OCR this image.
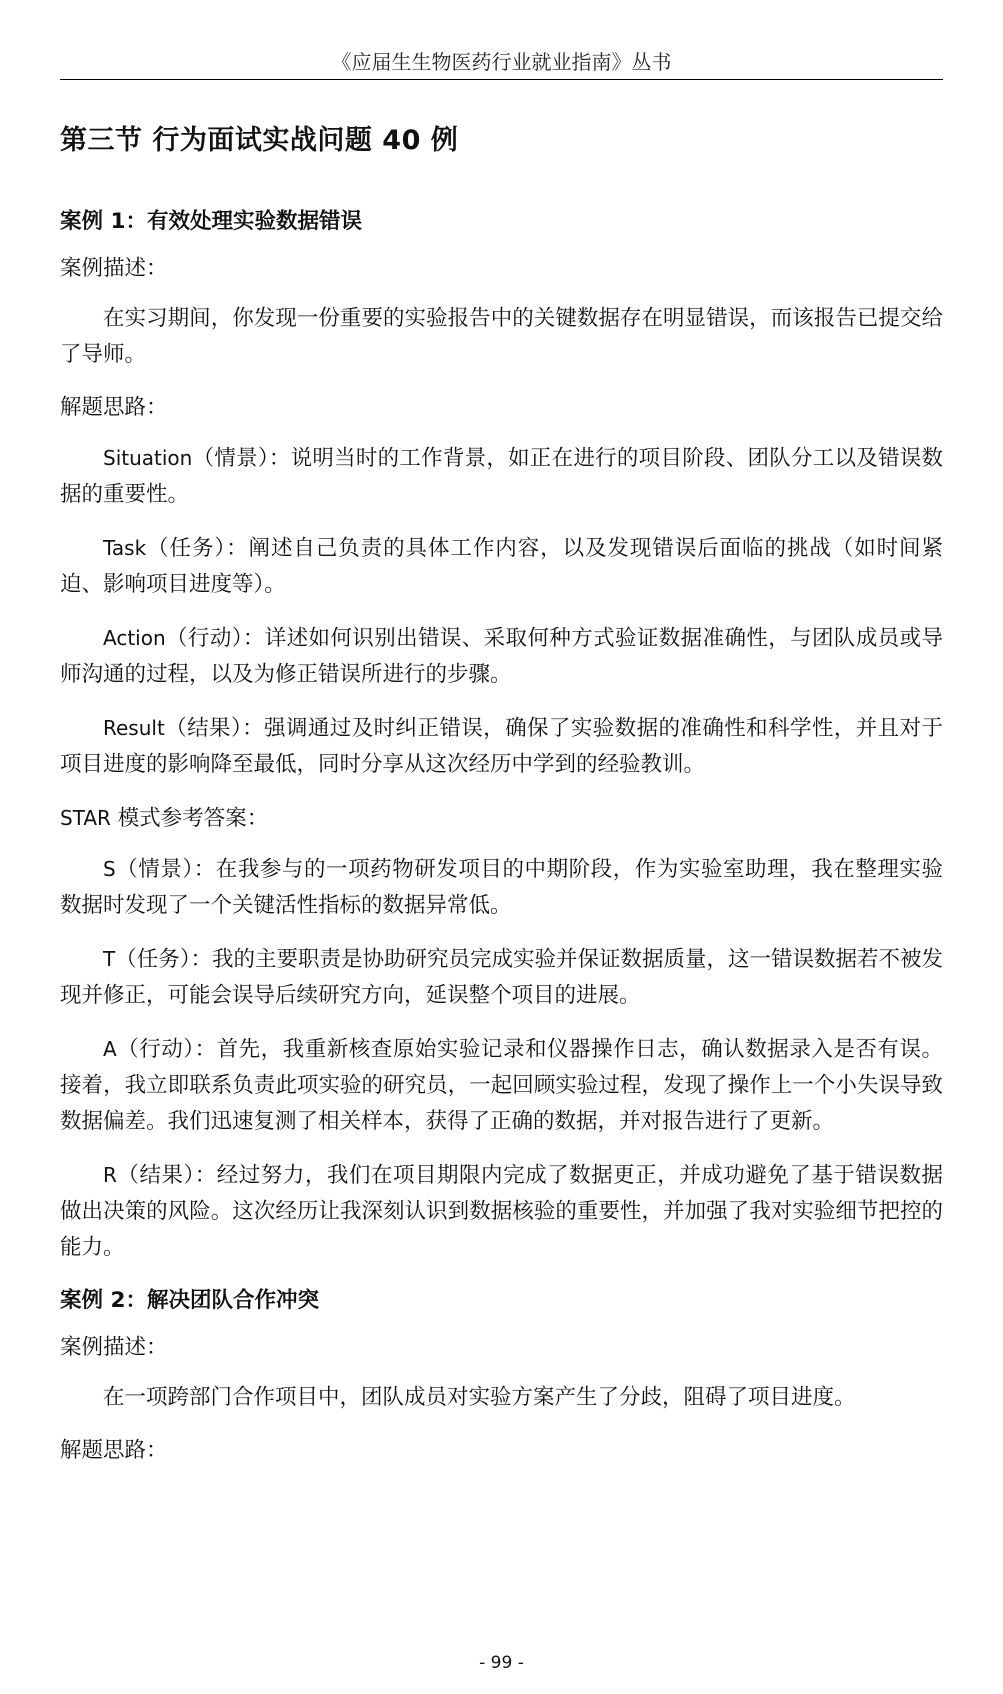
《应届生生物医药行业就业指南》丛书
第三节 行为面试实战问题 40 例
案例 1：有效处理实验数据错误
案例描述：

在实习期间，你发现一份重要的实验报告中的关键数据存在明显错误，而该报告已提交给了导师。

解题思路：

Situation（情景）：说明当时的工作背景，如正在进行的项目阶段、团队分工以及错误数据的重要性。

Task（任务）：阐述自己负责的具体工作内容，以及发现错误后面临的挑战（如时间紧迫、影响项目进度等）。

Action（行动）：详述如何识别出错误、采取何种方式验证数据准确性，与团队成员或导师沟通的过程，以及为修正错误所进行的步骤。

Result（结果）：强调通过及时纠正错误，确保了实验数据的准确性和科学性，并且对于项目进度的影响降至最低，同时分享从这次经历中学到的经验教训。

STAR 模式参考答案：

S（情景）：在我参与的一项药物研发项目的中期阶段，作为实验室助理，我在整理实验数据时发现了一个关键活性指标的数据异常低。

T（任务）：我的主要职责是协助研究员完成实验并保证数据质量，这一错误数据若不被发现并修正，可能会误导后续研究方向，延误整个项目的进展。

A（行动）：首先，我重新核查原始实验记录和仪器操作日志，确认数据录入是否有误。接着，我立即联系负责此项实验的研究员，一起回顾实验过程，发现了操作上一个小失误导致数据偏差。我们迅速复测了相关样本，获得了正确的数据，并对报告进行了更新。

R（结果）：经过努力，我们在项目期限内完成了数据更正，并成功避免了基于错误数据做出决策的风险。这次经历让我深刻认识到数据核验的重要性，并加强了我对实验细节把控的能力。

案例 2：解决团队合作冲突
案例描述：

在一项跨部门合作项目中，团队成员对实验方案产生了分歧，阻碍了项目进度。

解题思路：
- 99 -
